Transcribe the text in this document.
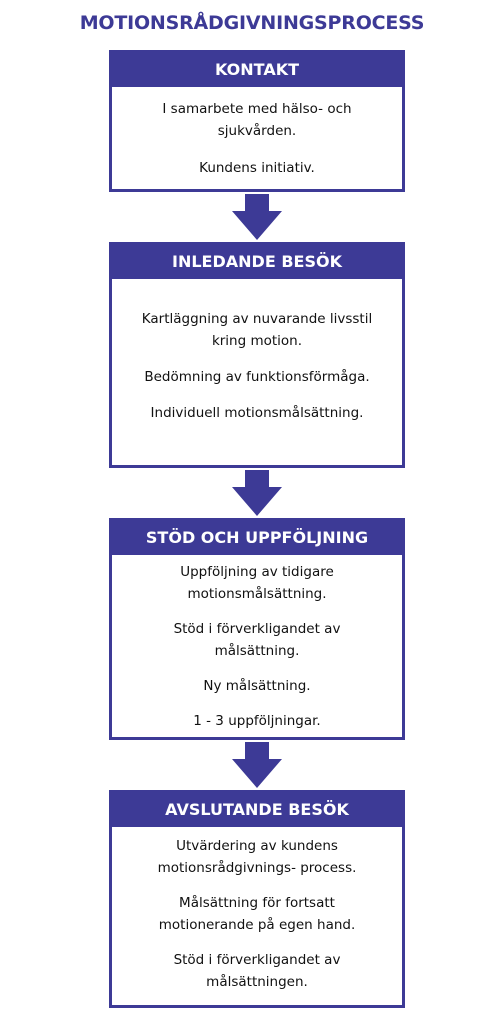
MOTIONSRÅDGIVNINGSPROCESS
KONTAKT

I samarbete med hälso- och sjukvården.

Kundens initiativ.

INLEDANDE BESÖK

Kartläggning av nuvarande livsstil kring motion.

Bedömning av funktionsförmåga.

Individuell motionsmålsättning.

STÖD OCH UPPFÖLJNING

Uppföljning av tidigare motionsmålsättning.

Stöd i förverkligandet av målsättning.

Ny målsättning.

1 - 3 uppföljningar.

AVSLUTANDE BESÖK

Utvärdering av kundens motionsrådgivnings- process.

Målsättning för fortsatt motionerande på egen hand.

Stöd i förverkligandet av målsättningen.
